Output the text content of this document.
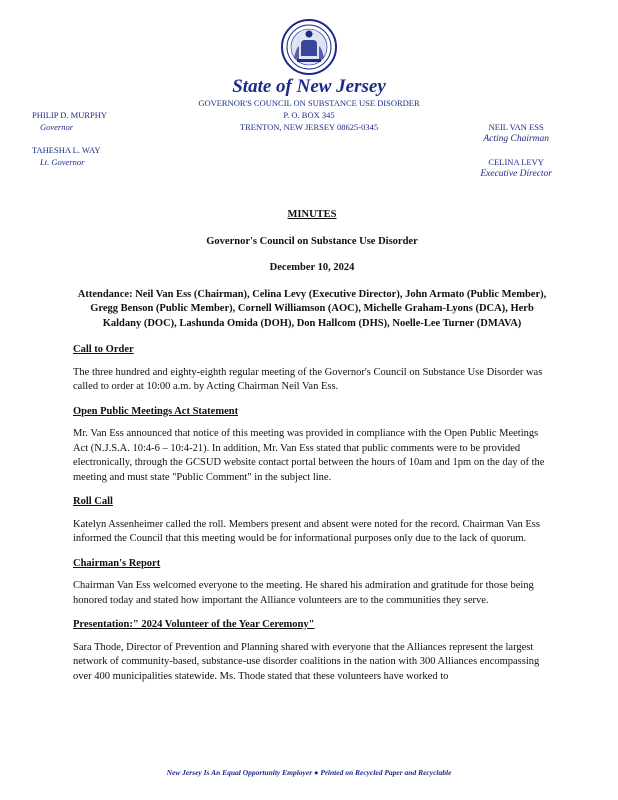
State of New Jersey
GOVERNOR'S COUNCIL ON SUBSTANCE USE DISORDER
P. O. BOX 345
TRENTON, NEW JERSEY 08625-0345
PHILIP D. MURPHY
Governor
TAHESHA L. WAY
Lt. Governor
NEIL VAN ESS
Acting Chairman
CELINA LEVY
Executive Director
MINUTES
Governor's Council on Substance Use Disorder
December 10, 2024
Attendance: Neil Van Ess (Chairman), Celina Levy (Executive Director), John Armato (Public Member), Gregg Benson (Public Member), Cornell Williamson (AOC), Michelle Graham-Lyons (DCA), Herb Kaldany (DOC), Lashunda Omida (DOH), Don Hallcom (DHS), Noelle-Lee Turner (DMAVA)
Call to Order

The three hundred and eighty-eighth regular meeting of the Governor's Council on Substance Use Disorder was called to order at 10:00 a.m. by Acting Chairman Neil Van Ess.

Open Public Meetings Act Statement

Mr. Van Ess announced that notice of this meeting was provided in compliance with the Open Public Meetings Act (N.J.S.A. 10:4-6 – 10:4-21). In addition, Mr. Van Ess stated that public comments were to be provided electronically, through the GCSUD website contact portal between the hours of 10am and 1pm on the day of the meeting and must state "Public Comment" in the subject line.

Roll Call

Katelyn Assenheimer called the roll. Members present and absent were noted for the record. Chairman Van Ess informed the Council that this meeting would be for informational purposes only due to the lack of quorum.

Chairman's Report

Chairman Van Ess welcomed everyone to the meeting. He shared his admiration and gratitude for those being honored today and stated how important the Alliance volunteers are to the communities they serve.

Presentation:" 2024 Volunteer of the Year Ceremony"

Sara Thode, Director of Prevention and Planning shared with everyone that the Alliances represent the largest network of community-based, substance-use disorder coalitions in the nation with 300 Alliances encompassing over 400 municipalities statewide. Ms. Thode stated that these volunteers have worked to

New Jersey Is An Equal Opportunity Employer ● Printed on Recycled Paper and Recyclable
